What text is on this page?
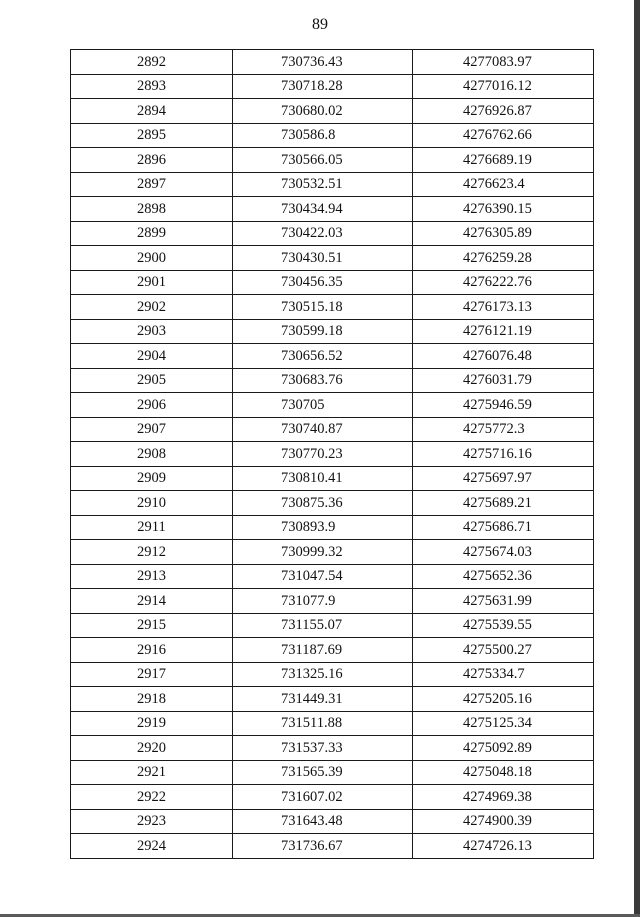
89
2892	730736.43	4277083.97
2893	730718.28	4277016.12
2894	730680.02	4276926.87
2895	730586.8	4276762.66
2896	730566.05	4276689.19
2897	730532.51	4276623.4
2898	730434.94	4276390.15
2899	730422.03	4276305.89
2900	730430.51	4276259.28
2901	730456.35	4276222.76
2902	730515.18	4276173.13
2903	730599.18	4276121.19
2904	730656.52	4276076.48
2905	730683.76	4276031.79
2906	730705	4275946.59
2907	730740.87	4275772.3
2908	730770.23	4275716.16
2909	730810.41	4275697.97
2910	730875.36	4275689.21
2911	730893.9	4275686.71
2912	730999.32	4275674.03
2913	731047.54	4275652.36
2914	731077.9	4275631.99
2915	731155.07	4275539.55
2916	731187.69	4275500.27
2917	731325.16	4275334.7
2918	731449.31	4275205.16
2919	731511.88	4275125.34
2920	731537.33	4275092.89
2921	731565.39	4275048.18
2922	731607.02	4274969.38
2923	731643.48	4274900.39
2924	731736.67	4274726.13
